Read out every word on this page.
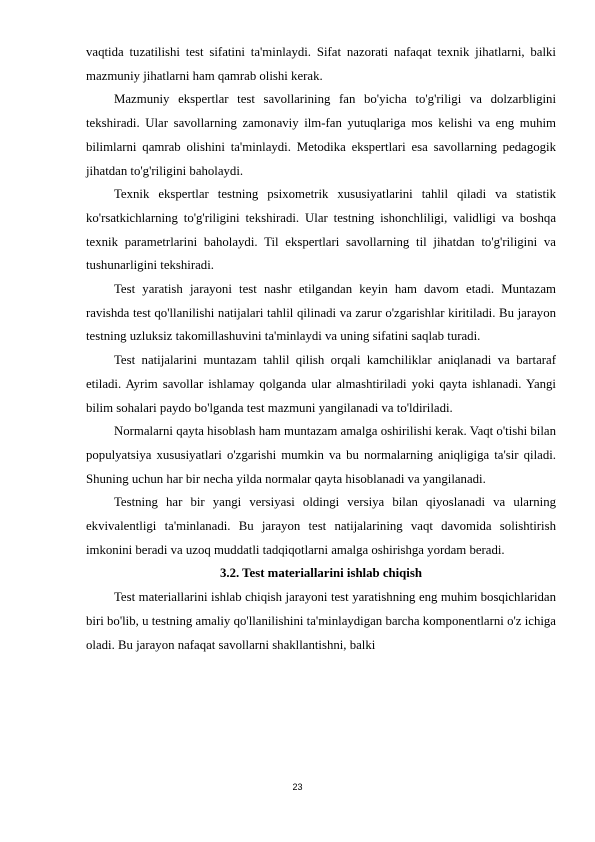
vaqtida tuzatilishi test sifatini ta'minlaydi. Sifat nazorati nafaqat texnik jihatlarni, balki mazmuniy jihatlarni ham qamrab olishi kerak.

Mazmuniy ekspertlar test savollarining fan bo'yicha to'g'riligi va dolzarbligini tekshiradi. Ular savollarning zamonaviy ilm-fan yutuqlariga mos kelishi va eng muhim bilimlarni qamrab olishini ta'minlaydi. Metodika ekspertlari esa savollarning pedagogik jihatdan to'g'riligini baholaydi.

Texnik ekspertlar testning psixometrik xususiyatlarini tahlil qiladi va statistik ko'rsatkichlarning to'g'riligini tekshiradi. Ular testning ishonchliligi, validligi va boshqa texnik parametrlarini baholaydi. Til ekspertlari savollarning til jihatdan to'g'riligini va tushunarligini tekshiradi.

Test yaratish jarayoni test nashr etilgandan keyin ham davom etadi. Muntazam ravishda test qo'llanilishi natijalari tahlil qilinadi va zarur o'zgarishlar kiritiladi. Bu jarayon testning uzluksiz takomillashuvini ta'minlaydi va uning sifatini saqlab turadi.

Test natijalarini muntazam tahlil qilish orqali kamchiliklar aniqlanadi va bartaraf etiladi. Ayrim savollar ishlamay qolganda ular almashtiriladi yoki qayta ishlanadi. Yangi bilim sohalari paydo bo'lganda test mazmuni yangilanadi va to'ldiriladi.

Normalarni qayta hisoblash ham muntazam amalga oshirilishi kerak. Vaqt o'tishi bilan populyatsiya xususiyatlari o'zgarishi mumkin va bu normalarning aniqligiga ta'sir qiladi. Shuning uchun har bir necha yilda normalar qayta hisoblanadi va yangilanadi.

Testning har bir yangi versiyasi oldingi versiya bilan qiyoslanadi va ularning ekvivalentligi ta'minlanadi. Bu jarayon test natijalarining vaqt davomida solishtirish imkonini beradi va uzoq muddatli tadqiqotlarni amalga oshirishga yordam beradi.

3.2. Test materiallarini ishlab chiqish

Test materiallarini ishlab chiqish jarayoni test yaratishning eng muhim bosqichlaridan biri bo'lib, u testning amaliy qo'llanilishini ta'minlaydigan barcha komponentlarni o'z ichiga oladi. Bu jarayon nafaqat savollarni shakllantishni, balki

23
